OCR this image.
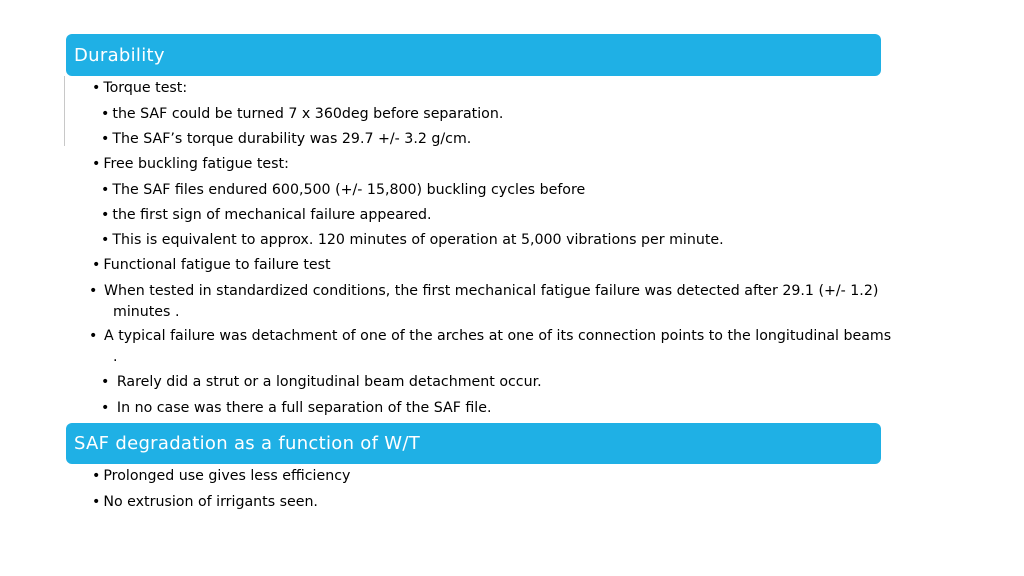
Durability
• Torque test:
• the SAF could be turned 7 x 360deg before separation.
• The SAF’s torque durability was 29.7 +/- 3.2 g/cm.
• Free buckling fatigue test:
• The SAF files endured 600,500 (+/- 15,800) buckling cycles before
• the first sign of mechanical failure appeared.
• This is equivalent to approx. 120 minutes of operation at 5,000 vibrations per minute.
• Functional fatigue to failure test
• When tested in standardized conditions, the first mechanical fatigue failure was detected after 29.1 (+/- 1.2) minutes .
• A typical failure was detachment of one of the arches at one of its connection points to the longitudinal beams .
• Rarely did a strut or a longitudinal beam detachment occur.
• In no case was there a full separation of the SAF file.
SAF degradation as a function of W/T
• Prolonged use gives less efficiency
• No extrusion of irrigants seen.
